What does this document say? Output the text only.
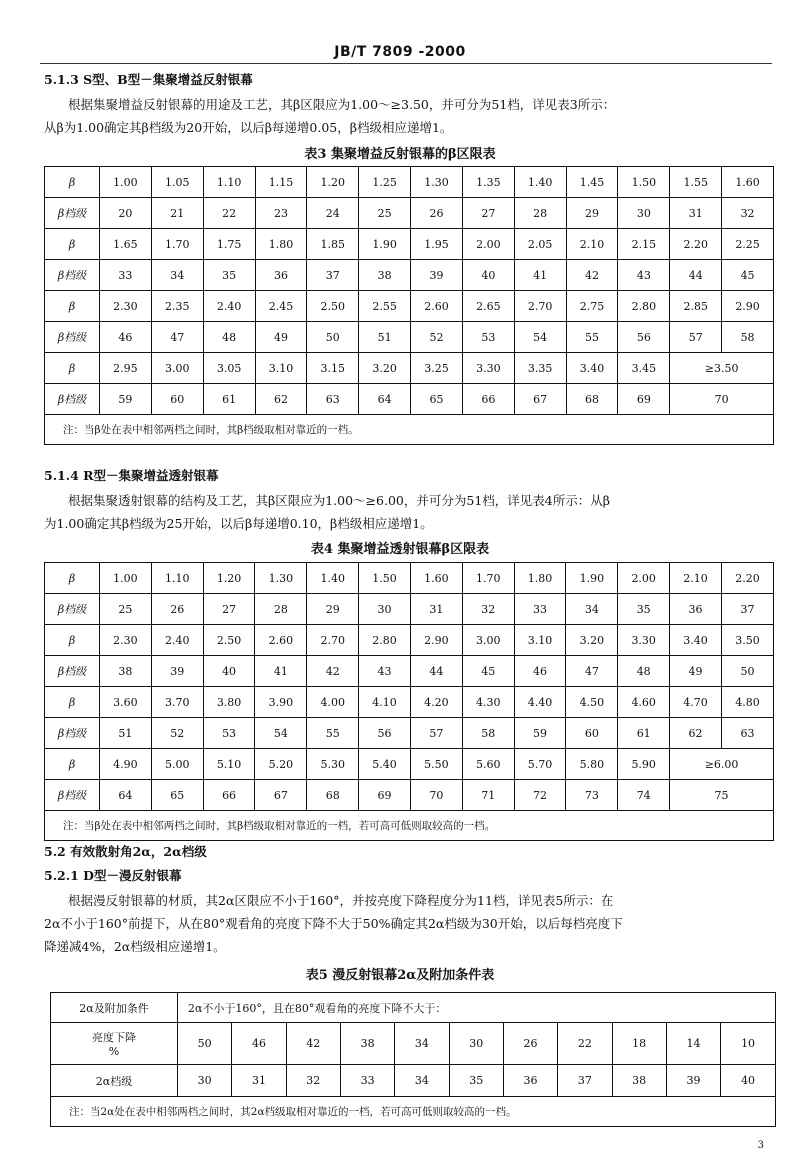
JB/T 7809 -2000
5.1.3 S型、B型－集聚增益反射银幕
根据集聚增益反射银幕的用途及工艺，其β区限应为1.00～≥3.50，并可分为51档，详见表3所示：
从β为1.00确定其β档级为20开始，以后β每递增0.05，β档级相应递增1。
表3 集聚增益反射银幕的β区限表
β	1.00	1.05	1.10	1.15	1.20	1.25	1.30	1.35	1.40	1.45	1.50	1.55	1.60
β档级	20	21	22	23	24	25	26	27	28	29	30	31	32
β	1.65	1.70	1.75	1.80	1.85	1.90	1.95	2.00	2.05	2.10	2.15	2.20	2.25
β档级	33	34	35	36	37	38	39	40	41	42	43	44	45
β	2.30	2.35	2.40	2.45	2.50	2.55	2.60	2.65	2.70	2.75	2.80	2.85	2.90
β档级	46	47	48	49	50	51	52	53	54	55	56	57	58
β	2.95	3.00	3.05	3.10	3.15	3.20	3.25	3.30	3.35	3.40	3.45	≥3.50	
β档级	59	60	61	62	63	64	65	66	67	68	69	70	
注：当β处在表中相邻两档之间时，其β档级取相对靠近的一档。													
5.1.4 R型－集聚增益透射银幕
根据集聚透射银幕的结构及工艺，其β区限应为1.00～≥6.00，并可分为51档，详见表4所示：从β
为1.00确定其β档级为25开始，以后β每递增0.10，β档级相应递增1。
表4 集聚增益透射银幕β区限表
β	1.00	1.10	1.20	1.30	1.40	1.50	1.60	1.70	1.80	1.90	2.00	2.10	2.20
β档级	25	26	27	28	29	30	31	32	33	34	35	36	37
β	2.30	2.40	2.50	2.60	2.70	2.80	2.90	3.00	3.10	3.20	3.30	3.40	3.50
β档级	38	39	40	41	42	43	44	45	46	47	48	49	50
β	3.60	3.70	3.80	3.90	4.00	4.10	4.20	4.30	4.40	4.50	4.60	4.70	4.80
β档级	51	52	53	54	55	56	57	58	59	60	61	62	63
β	4.90	5.00	5.10	5.20	5.30	5.40	5.50	5.60	5.70	5.80	5.90	≥6.00	
β档级	64	65	66	67	68	69	70	71	72	73	74	75	
注：当β处在表中相邻两档之间时，其β档级取相对靠近的一档，若可高可低则取较高的一档。													
5.2 有效散射角2α，2α档级
5.2.1 D型－漫反射银幕
根据漫反射银幕的材质，其2α区限应不小于160°，并按亮度下降程度分为11档，详见表5所示：在
2α不小于160°前提下，从在80°观看角的亮度下降不大于50%确定其2α档级为30开始，以后每档亮度下
降递减4%，2α档级相应递增1。
表5 漫反射银幕2α及附加条件表
2α及附加条件	2α不小于160°，且在80°观看角的亮度下降不大于：										

亮度下降
%	50	46	42	38	34	30	26	22	18	14	10
2α档级	30	31	32	33	34	35	36	37	38	39	40
注：当2α处在表中相邻两档之间时，其2α档级取相对靠近的一档，若可高可低则取较高的一档。											
3
